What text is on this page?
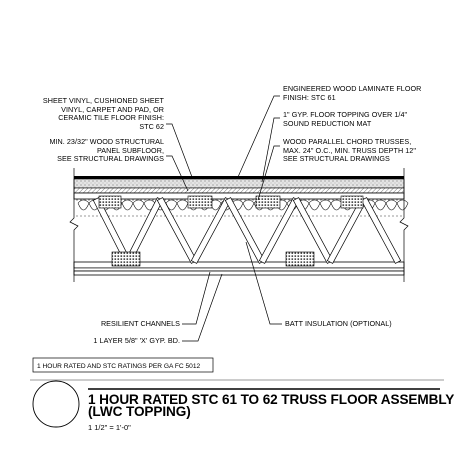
SHEET VINYL, CUSHIONED SHEET
VINYL, CARPET AND PAD, OR
CERAMIC TILE FLOOR FINISH:
STC 62
MIN. 23/32" WOOD STRUCTURAL
PANEL SUBFLOOR,
SEE STRUCTURAL DRAWINGS
ENGINEERED WOOD LAMINATE FLOOR
FINISH: STC 61
1" GYP. FLOOR TOPPING OVER 1/4"
SOUND REDUCTION MAT
WOOD PARALLEL CHORD TRUSSES,
MAX. 24" O.C., MIN. TRUSS DEPTH 12"
SEE STRUCTURAL DRAWINGS
RESILIENT CHANNELS
1 LAYER 5/8" 'X' GYP. BD.
BATT INSULATION (OPTIONAL)
1 HOUR RATED AND STC RATINGS PER GA FC 5012
1 HOUR RATED STC 61 TO 62 TRUSS FLOOR ASSEMBLY
(LWC TOPPING)
1 1/2" = 1'-0"
